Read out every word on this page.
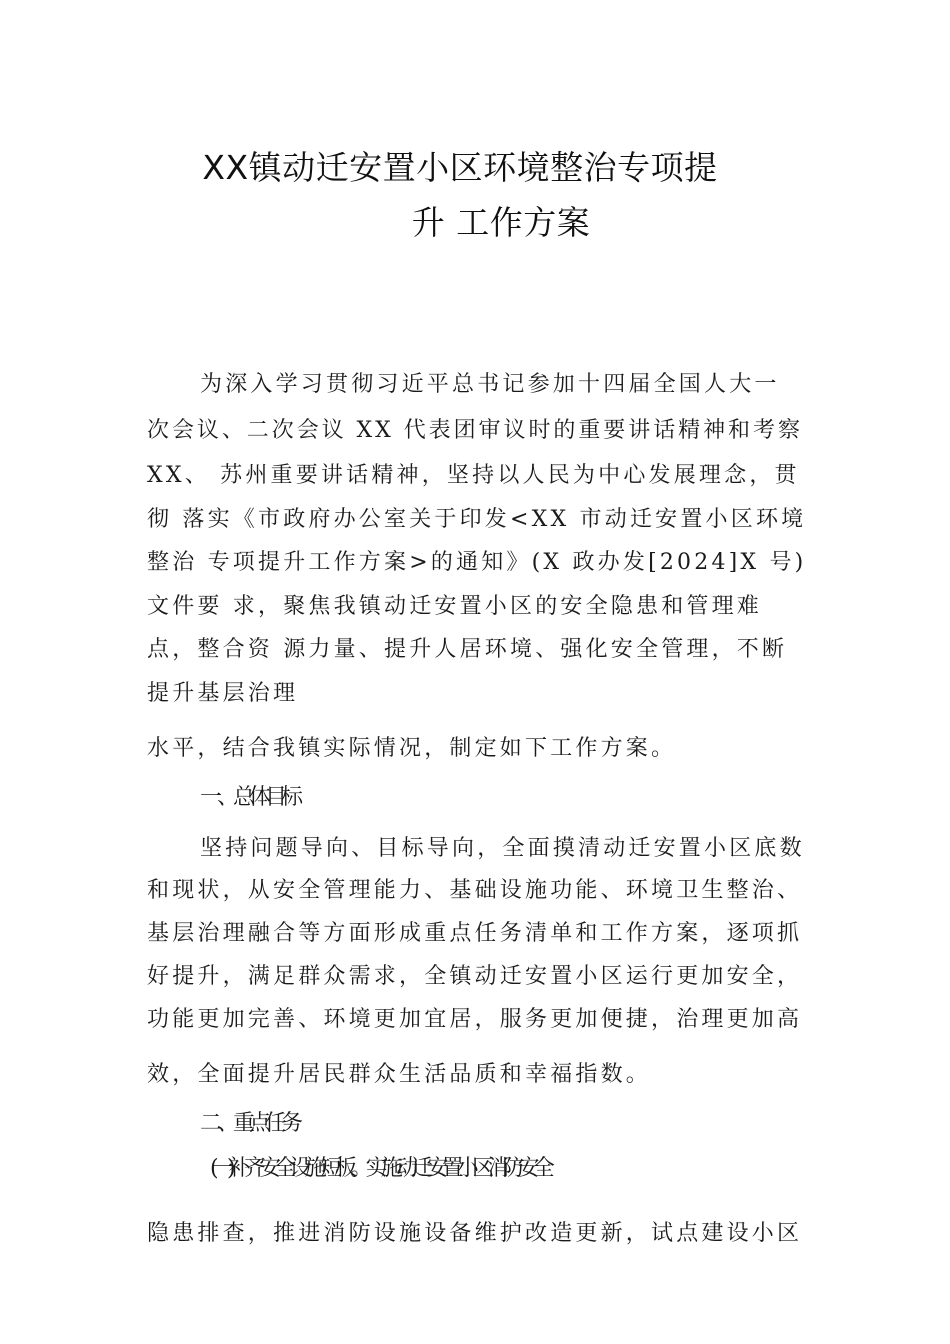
XX镇动迁安置小区环境整治专项提
升 工作方案
为深入学习贯彻习近平总书记参加十四届全国人大一
次会议、二次会议 XX 代表团审议时的重要讲话精神和考察
XX、 苏州重要讲话精神，坚持以人民为中心发展理念，贯
彻 落实《市政府办公室关于印发<XX 市动迁安置小区环境
整治 专项提升工作方案>的通知》(X 政办发[2024]X 号)
文件要 求，聚焦我镇动迁安置小区的安全隐患和管理难
点，整合资 源力量、提升人居环境、强化安全管理，不断
提升基层治理
水平，结合我镇实际情况，制定如下工作方案。
一 、总体目标
坚持问题导向、目标导向，全面摸清动迁安置小区底数
和现状，从安全管理能力、基础设施功能、环境卫生整治、
基层治理融合等方面形成重点任务清单和工作方案，逐项抓
好提升，满足群众需求，全镇动迁安置小区运行更加安全，
功能更加完善、环境更加宜居，服务更加便捷，治理更加高
效，全面提升居民群众生活品质和幸福指数。
二 、重点任务
(一)补齐安全设施短板。实施动迁安置小区消防安全
隐患排查，推进消防设施设备维护改造更新，试点建设小区
